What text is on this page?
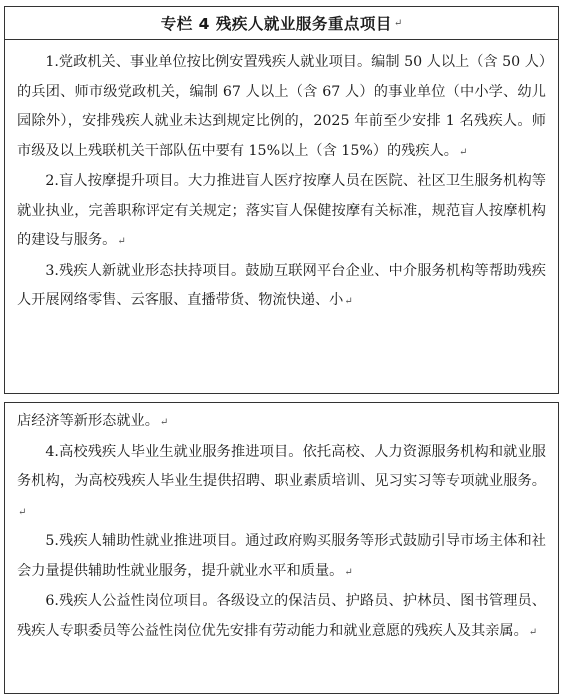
专栏 4 残疾人就业服务重点项目 ↵

1.党政机关、事业单位按比例安置残疾人就业项目。编制 50 人以上（含 50 人）的兵团、师市级党政机关，编制 67 人以上（含 67 人）的事业单位（中小学、幼儿园除外），安排残疾人就业未达到规定比例的，2025 年前至少安排 1 名残疾人。师市级及以上残联机关干部队伍中要有 15%以上（含 15%）的残疾人。↵

2.盲人按摩提升项目。大力推进盲人医疗按摩人员在医院、社区卫生服务机构等就业执业，完善职称评定有关规定；落实盲人保健按摩有关标准，规范盲人按摩机构的建设与服务。↵

3.残疾人新就业形态扶持项目。鼓励互联网平台企业、中介服务机构等帮助残疾人开展网络零售、云客服、直播带货、物流快递、小↵

店经济等新形态就业。↵

4.高校残疾人毕业生就业服务推进项目。依托高校、人力资源服务机构和就业服务机构，为高校残疾人毕业生提供招聘、职业素质培训、见习实习等专项就业服务。↵

5.残疾人辅助性就业推进项目。通过政府购买服务等形式鼓励引导市场主体和社会力量提供辅助性就业服务，提升就业水平和质量。↵

6.残疾人公益性岗位项目。各级设立的保洁员、护路员、护林员、图书管理员、残疾人专职委员等公益性岗位优先安排有劳动能力和就业意愿的残疾人及其亲属。↵
